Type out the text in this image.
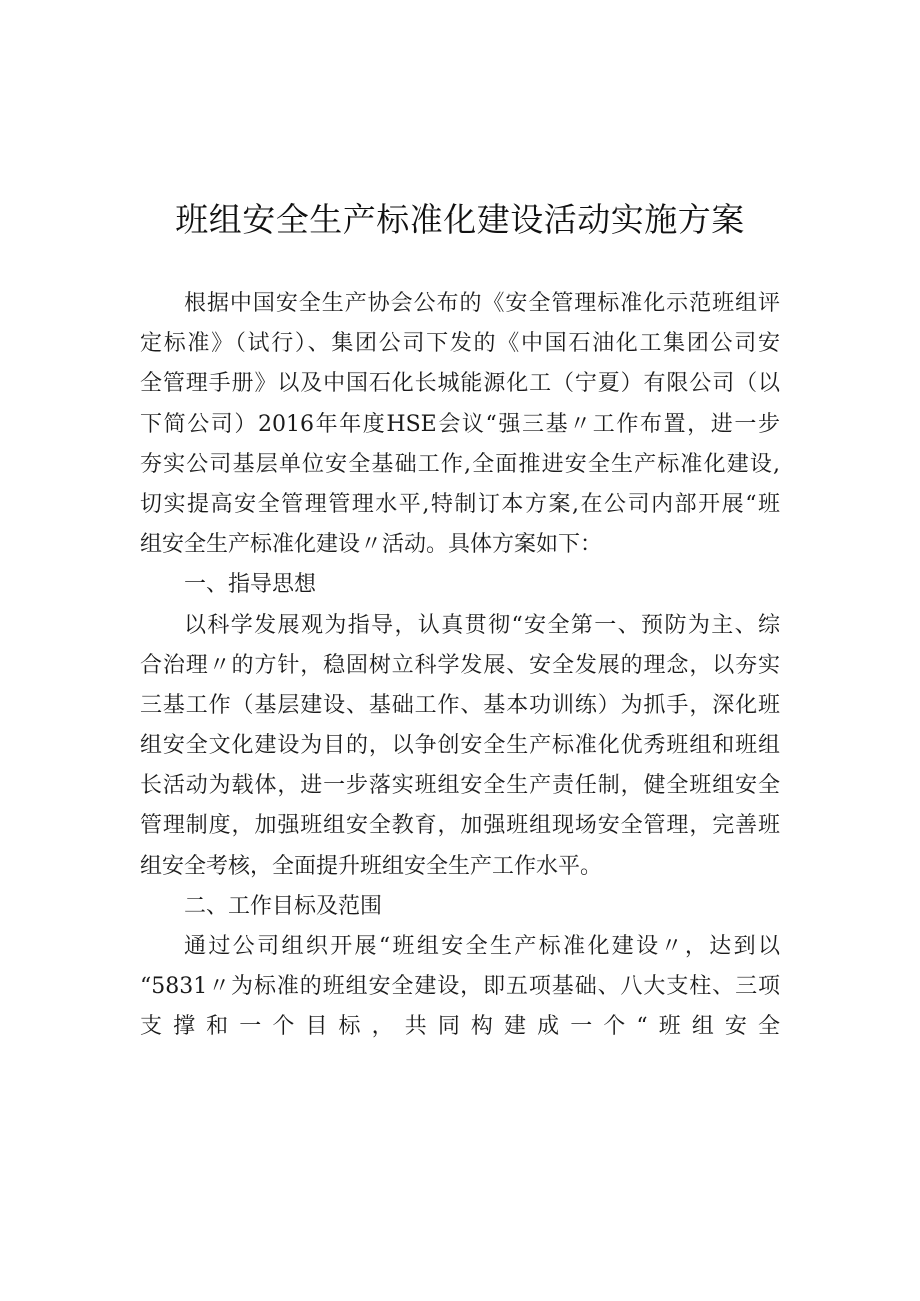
班组安全生产标准化建设活动实施方案
根据中国安全生产协会公布的《安全管理标准化示范班组评
定标准》（试行）、集团公司下发的《中国石油化工集团公司安
全管理手册》以及中国石化长城能源化工（宁夏）有限公司（以
下简公司）2016年年度HSE会议“强三基〃工作布置，进一步
夯实公司基层单位安全基础工作,全面推进安全生产标准化建设,
切实提高安全管理管理水平,特制订本方案,在公司内部开展“班
组安全生产标准化建设〃活动。具体方案如下：
一、指导思想
以科学发展观为指导，认真贯彻“安全第一、预防为主、综
合治理〃的方针，稳固树立科学发展、安全发展的理念，以夯实
三基工作（基层建设、基础工作、基本功训练）为抓手，深化班
组安全文化建设为目的，以争创安全生产标准化优秀班组和班组
长活动为载体，进一步落实班组安全生产责任制，健全班组安全
管理制度，加强班组安全教育，加强班组现场安全管理，完善班
组安全考核，全面提升班组安全生产工作水平。
二、工作目标及范围
通过公司组织开展“班组安全生产标准化建设〃，达到以
“5831〃为标准的班组安全建设，即五项基础、八大支柱、三项
支撑和一个目标，共同构建成一个“班组安全
